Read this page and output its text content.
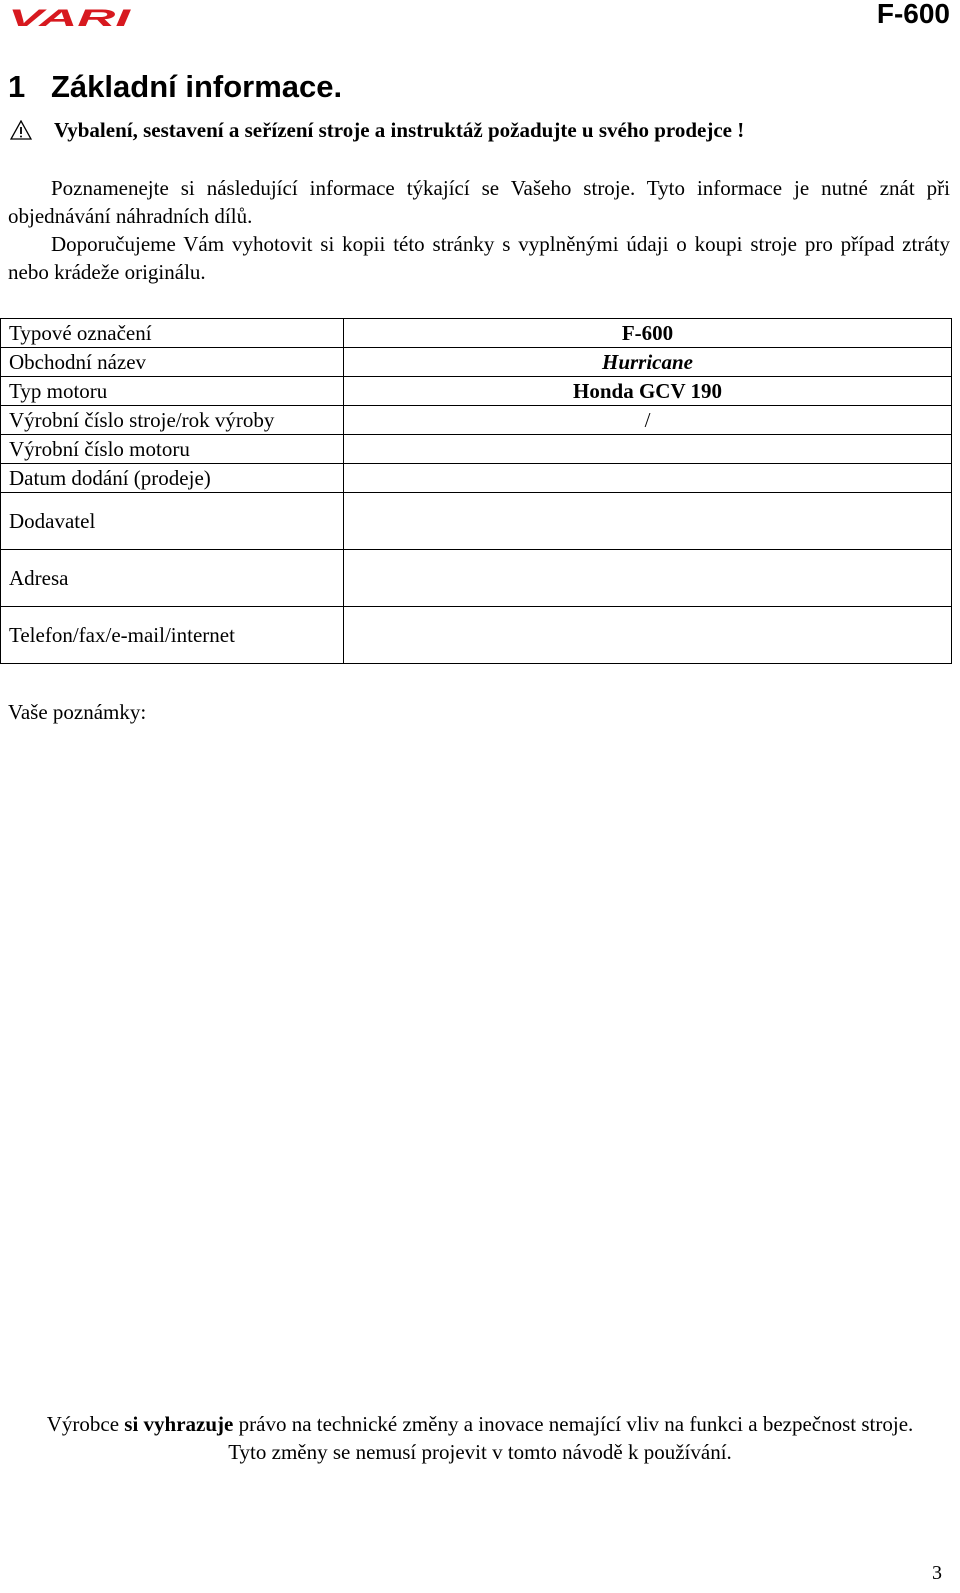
VARI	F-600
1 Základní informace.
Vybalení, sestavení a seřízení stroje a instruktáž požadujte u svého prodejce !

Poznamenejte si následující informace týkající se Vašeho stroje. Tyto informace je nutné znát při objednávání náhradních dílů.

Doporučujeme Vám vyhotovit si kopii této stránky s vyplněnými údaji o koupi stroje pro případ ztráty nebo krádeže originálu.

Typové označení	F-600
Obchodní název	Hurricane
Typ motoru	Honda GCV 190
Výrobní číslo stroje/rok výroby	/
Výrobní číslo motoru	
Datum dodání (prodeje)	
Dodavatel	
Adresa	
Telefon/fax/e-mail/internet	
Vaše poznámky:
Výrobce si vyhrazuje právo na technické změny a inovace nemající vliv na funkci a bezpečnost stroje. Tyto změny se nemusí projevit v tomto návodě k používání.
3
